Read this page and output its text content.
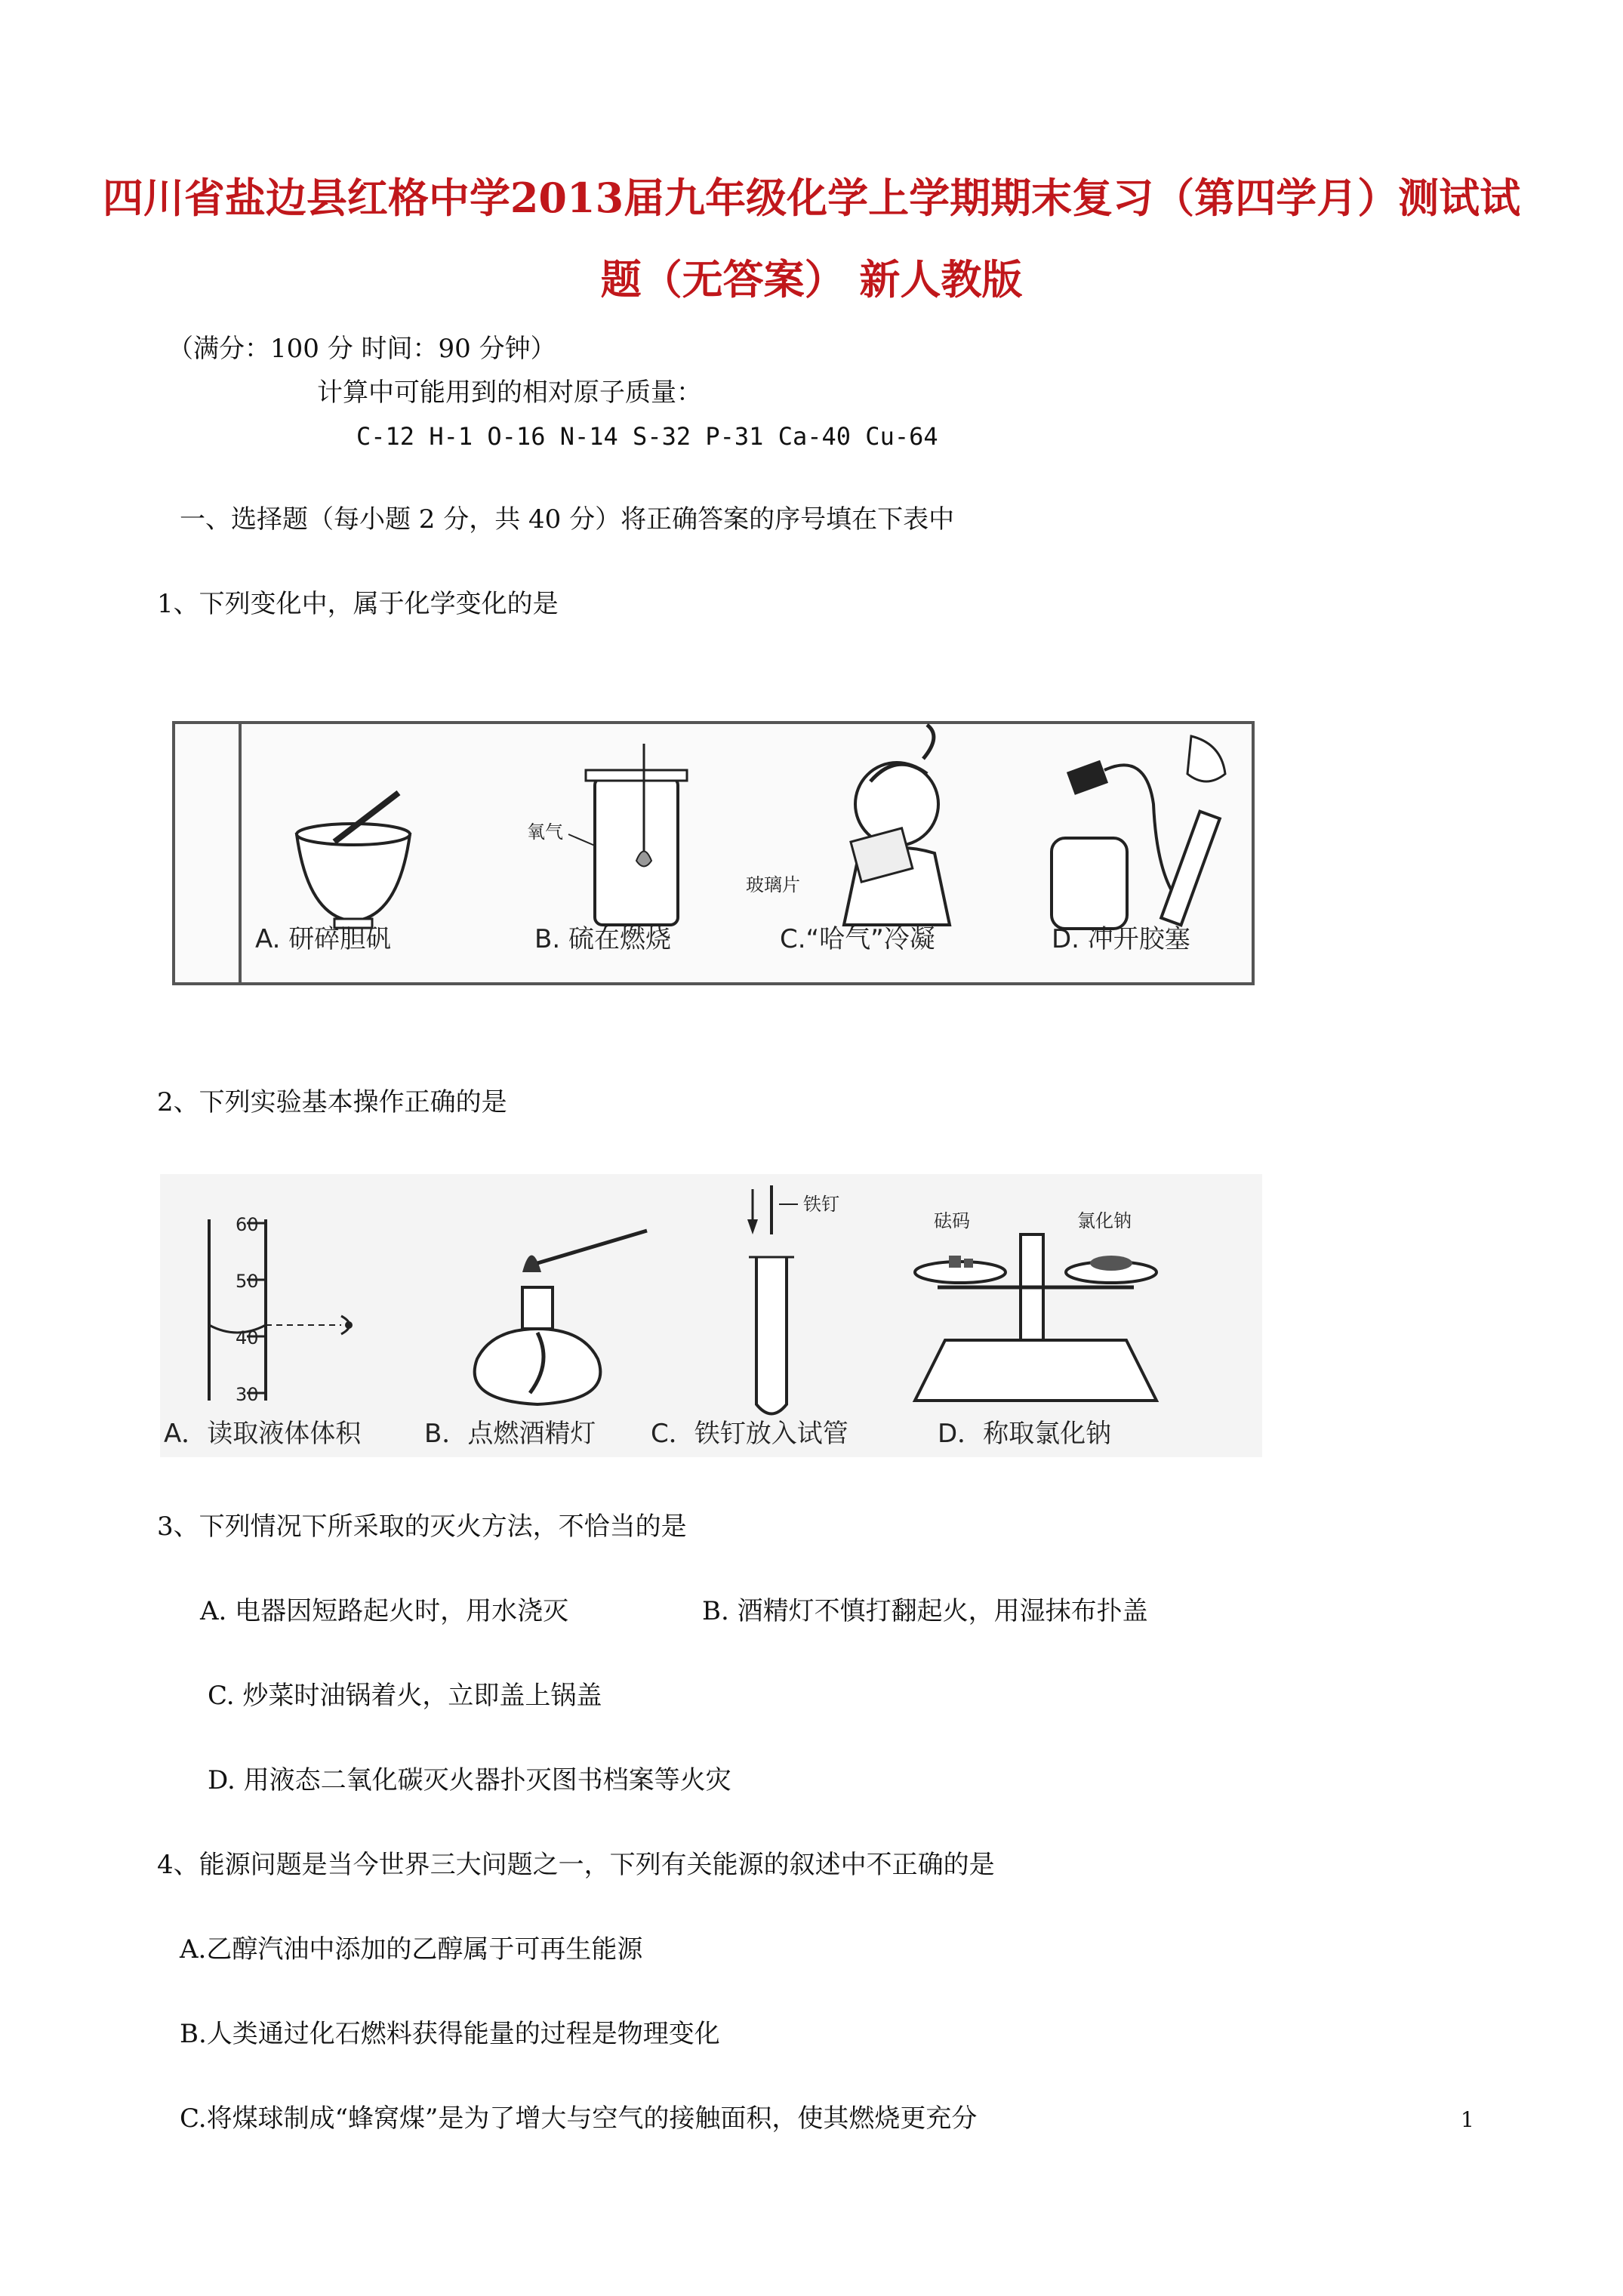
四川省盐边县红格中学2013届九年级化学上学期期末复习（第四学月）测试试
题（无答案） 新人教版
（满分：100 分 时间：90 分钟）
计算中可能用到的相对原子质量：
C-12 H-1 O-16 N-14 S-32 P-31 Ca-40 Cu-64
一、选择题（每小题 2 分，共 40 分）将正确答案的序号填在下表中
1、下列变化中，属于化学变化的是
氧气
玻璃片
A. 研碎胆矾	B. 硫在燃烧	C.“哈气”冷凝	D. 冲开胶塞
2、下列实验基本操作正确的是
60
50
40
30
铁钉
砝码	氯化钠
A．读取液体体积 B．点燃酒精灯 C．铁钉放入试管	D．称取氯化钠
3、下列情况下所采取的灭火方法，不恰当的是
A. 电器因短路起火时，用水浇灭	B. 酒精灯不慎打翻起火，用湿抹布扑盖
C. 炒菜时油锅着火，立即盖上锅盖
D. 用液态二氧化碳灭火器扑灭图书档案等火灾
4、能源问题是当今世界三大问题之一，下列有关能源的叙述中不正确的是
A.乙醇汽油中添加的乙醇属于可再生能源
B.人类通过化石燃料获得能量的过程是物理变化
C.将煤球制成“蜂窝煤”是为了增大与空气的接触面积，使其燃烧更充分	1
